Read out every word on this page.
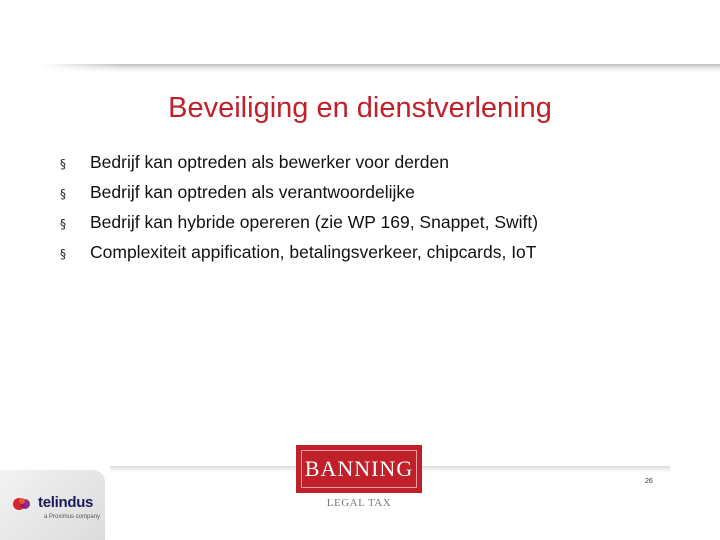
Beveiliging en dienstverlening
§	Bedrijf kan optreden als bewerker voor derden
§	Bedrijf kan optreden als verantwoordelijke
§	Bedrijf kan hybride opereren (zie WP 169, Snappet, Swift)
§	Complexiteit appification, betalingsverkeer, chipcards, IoT
telindus
a Proximus company
BANNING
LEGAL TAX
26
